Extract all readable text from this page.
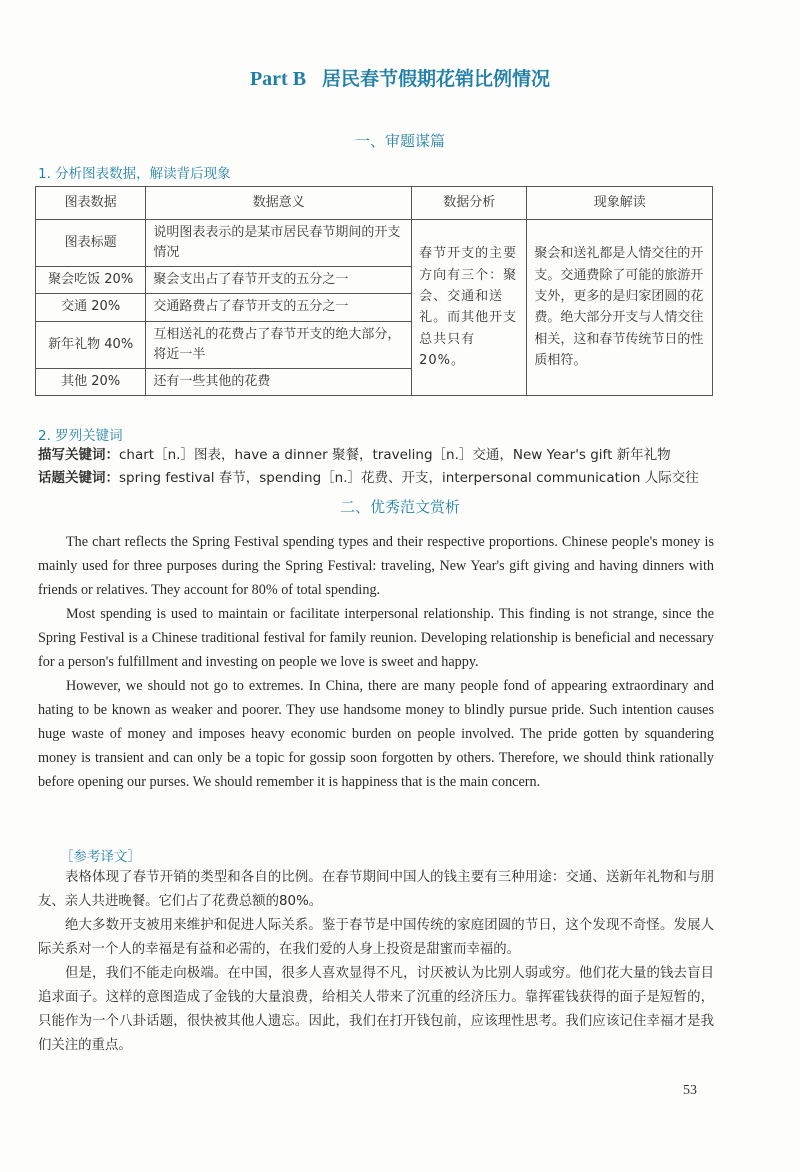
Part B 居民春节假期花销比例情况
一、审题谋篇
1. 分析图表数据，解读背后现象
图表数据	数据意义	数据分析	现象解读
图表标题	说明图表表示的是某市居民春节期间的开支情况	春节开支的主要方向有三个：聚会、交通和送礼。而其他开支总共只有20%。	聚会和送礼都是人情交往的开支。交通费除了可能的旅游开支外，更多的是归家团圆的花费。绝大部分开支与人情交往相关，这和春节传统节日的性质相符。
聚会吃饭 20%	聚会支出占了春节开支的五分之一		
交通 20%	交通路费占了春节开支的五分之一		
新年礼物 40%	互相送礼的花费占了春节开支的绝大部分，将近一半		
其他 20%	还有一些其他的花费		
2. 罗列关键词
描写关键词：chart［n.］图表，have a dinner 聚餐，traveling［n.］交通，New Year's gift 新年礼物
话题关键词：spring festival 春节，spending［n.］花费、开支，interpersonal communication 人际交往
二、优秀范文赏析

The chart reflects the Spring Festival spending types and their respective proportions. Chinese people's money is mainly used for three purposes during the Spring Festival: traveling, New Year's gift giving and having dinners with friends or relatives. They account for 80% of total spending.

Most spending is used to maintain or facilitate interpersonal relationship. This finding is not strange, since the Spring Festival is a Chinese traditional festival for family reunion. Developing relationship is beneficial and necessary for a person's fulfillment and investing on people we love is sweet and happy.

However, we should not go to extremes. In China, there are many people fond of appearing extraordinary and hating to be known as weaker and poorer. They use handsome money to blindly pursue pride. Such intention causes huge waste of money and imposes heavy economic burden on people involved. The pride gotten by squandering money is transient and can only be a topic for gossip soon forgotten by others. Therefore, we should think rationally before opening our purses. We should remember it is happiness that is the main concern.

［参考译文］

表格体现了春节开销的类型和各自的比例。在春节期间中国人的钱主要有三种用途：交通、送新年礼物和与朋友、亲人共进晚餐。它们占了花费总额的80%。

绝大多数开支被用来维护和促进人际关系。鉴于春节是中国传统的家庭团圆的节日，这个发现不奇怪。发展人际关系对一个人的幸福是有益和必需的，在我们爱的人身上投资是甜蜜而幸福的。

但是，我们不能走向极端。在中国，很多人喜欢显得不凡，讨厌被认为比别人弱或穷。他们花大量的钱去盲目追求面子。这样的意图造成了金钱的大量浪费，给相关人带来了沉重的经济压力。靠挥霍钱获得的面子是短暂的，只能作为一个八卦话题，很快被其他人遗忘。因此，我们在打开钱包前，应该理性思考。我们应该记住幸福才是我们关注的重点。

53
